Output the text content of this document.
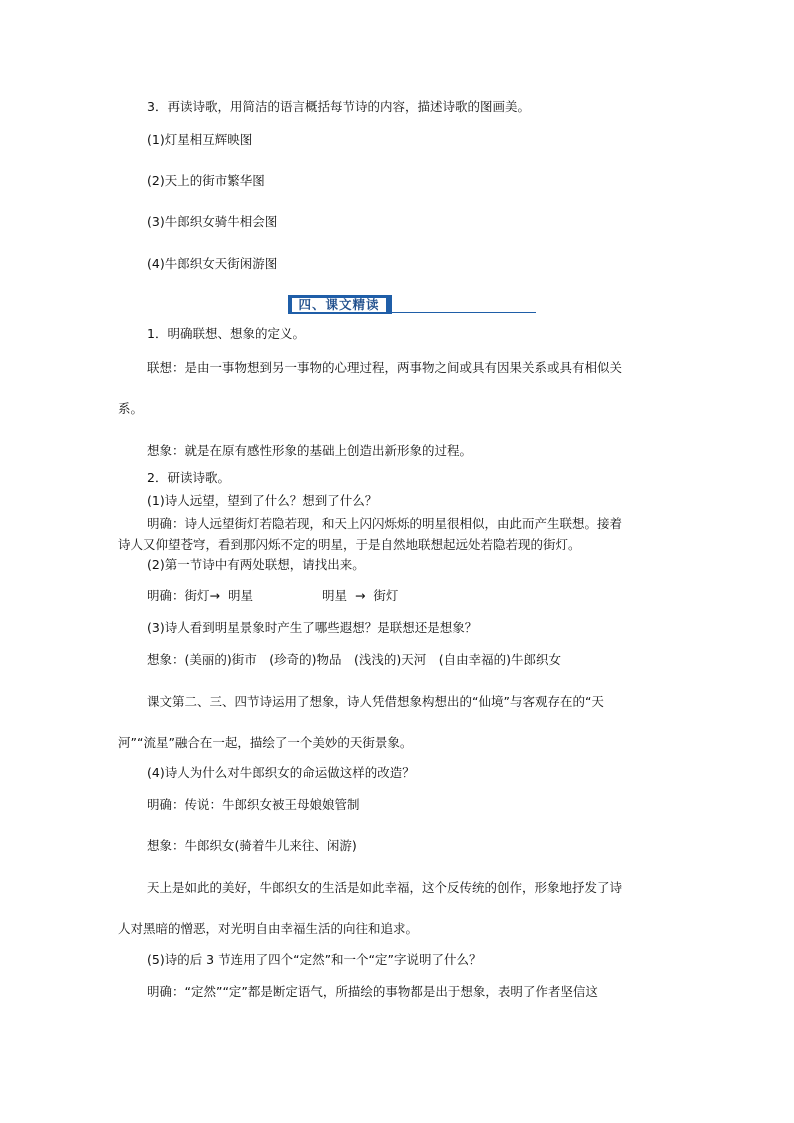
3．再读诗歌，用简洁的语言概括每节诗的内容，描述诗歌的图画美。
(1)灯星相互辉映图
(2)天上的街市繁华图
(3)牛郎织女骑牛相会图
(4)牛郎织女天街闲游图
四、课文精读
1．明确联想、想象的定义。
联想：是由一事物想到另一事物的心理过程，两事物之间或具有因果关系或具有相似关
系。
想象：就是在原有感性形象的基础上创造出新形象的过程。
2．研读诗歌。
(1)诗人远望，望到了什么？想到了什么？
明确：诗人远望街灯若隐若现，和天上闪闪烁烁的明星很相似，由此而产生联想。接着
诗人又仰望苍穹，看到那闪烁不定的明星，于是自然地联想起远处若隐若现的街灯。
(2)第一节诗中有两处联想，请找出来。
明确：街灯→ 明星	明星 → 街灯
(3)诗人看到明星景象时产生了哪些遐想？是联想还是想象？
想象：(美丽的)街市　(珍奇的)物品　(浅浅的)天河　(自由幸福的)牛郎织女
课文第二、三、四节诗运用了想象，诗人凭借想象构想出的“仙境”与客观存在的“天
河”“流星”融合在一起，描绘了一个美妙的天街景象。
(4)诗人为什么对牛郎织女的命运做这样的改造？
明确：传说：牛郎织女被王母娘娘管制
想象：牛郎织女(骑着牛儿来往、闲游)
天上是如此的美好，牛郎织女的生活是如此幸福，这个反传统的创作，形象地抒发了诗
人对黑暗的憎恶，对光明自由幸福生活的向往和追求。
(5)诗的后 3 节连用了四个“定然”和一个“定”字说明了什么？
明确：“定然”“定”都是断定语气，所描绘的事物都是出于想象，表明了作者坚信这
